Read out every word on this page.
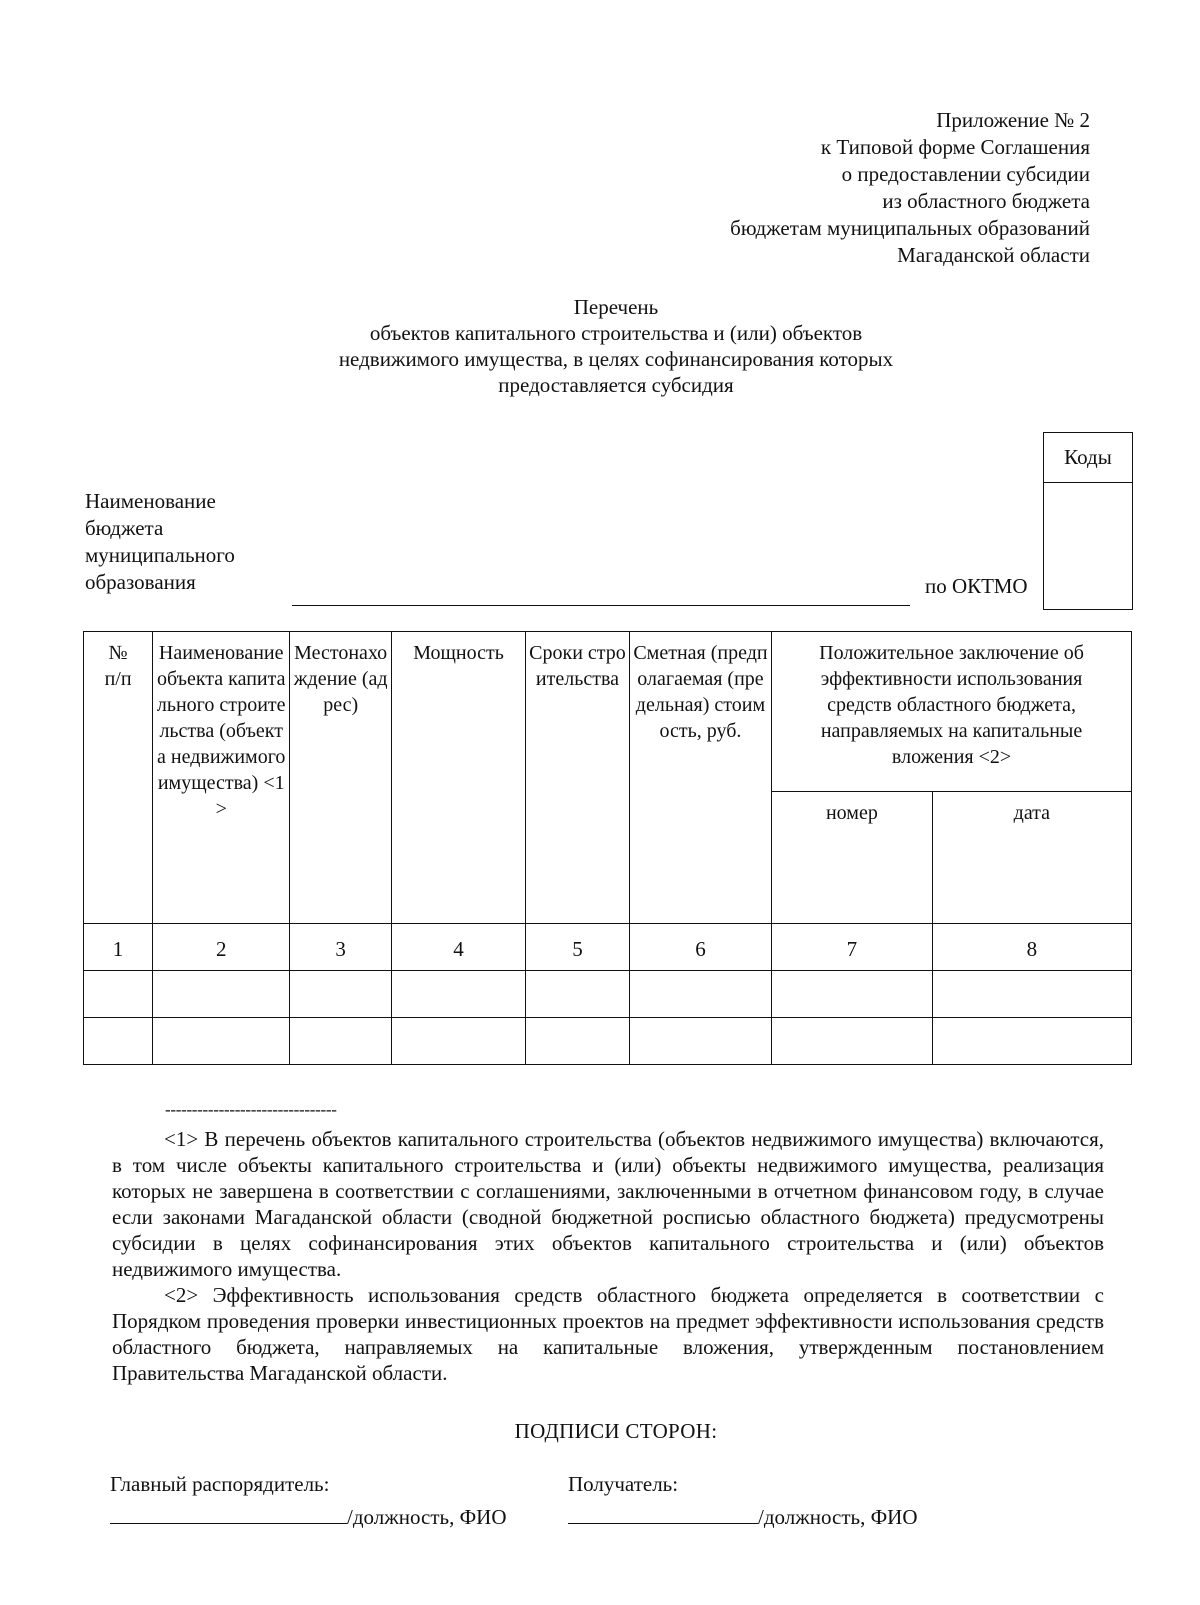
Приложение № 2
к Типовой форме Соглашения
о предоставлении субсидии
из областного бюджета
бюджетам муниципальных образований
Магаданской области
Перечень
объектов капитального строительства и (или) объектов
недвижимого имущества, в целях софинансирования которых
предоставляется субсидия
Наименование
бюджета
муниципального
образования	по ОКТМО
Коды
№ п/п	Наименование объекта капитального строительства (объекта недвижимого имущества) <1>	Местонахождение (адрес)	Мощность	Сроки строительства	Сметная (предполагаемая (предельная) стоимость, руб.	Положительное заключение об эффективности использования средств областного бюджета, направляемых на капитальные вложения <2>	
						номер	дата
1	2	3	4	5	6	7	8

--------------------------------

<1> В перечень объектов капитального строительства (объектов недвижимого имущества) включаются, в том числе объекты капитального строительства и (или) объекты недвижимого имущества, реализация которых не завершена в соответствии с соглашениями, заключенными в отчетном финансовом году, в случае если законами Магаданской области (сводной бюджетной росписью областного бюджета) предусмотрены субсидии в целях софинансирования этих объектов капитального строительства и (или) объектов недвижимого имущества.

<2> Эффективность использования средств областного бюджета определяется в соответствии с Порядком проведения проверки инвестиционных проектов на предмет эффективности использования средств областного бюджета, направляемых на капитальные вложения, утвержденным постановлением Правительства Магаданской области.

ПОДПИСИ СТОРОН:
Главный распорядитель:
/должность, ФИО
Получатель:
/должность, ФИО
